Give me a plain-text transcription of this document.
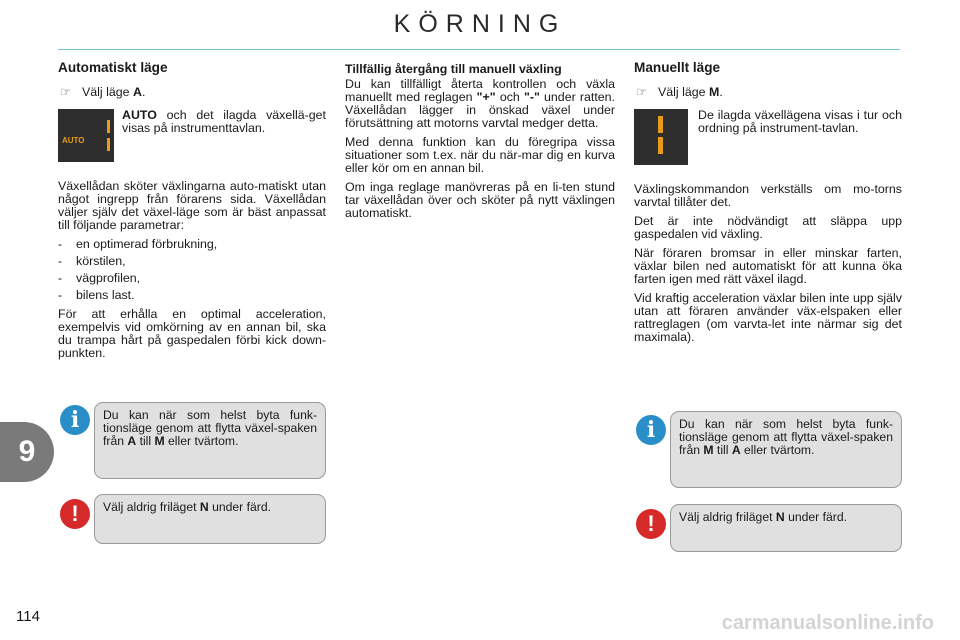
KÖRNING
Automatiskt läge
☞ Välj läge A.
AUTO

AUTO och det ilagda växellä-get visas på instrumenttavlan.

Växellådan sköter växlingarna auto-matiskt utan något ingrepp från förarens sida. Växellådan väljer själv det växel-läge som är bäst anpassat till följande parametrar:

-	en optimerad förbrukning,
-	körstilen,
-	vägprofilen,
-	bilens last.

För att erhålla en optimal acceleration, exempelvis vid omkörning av en annan bil, ska du trampa hårt på gaspedalen förbi kick down-punkten.

i	Du kan när som helst byta funk-tionsläge genom att flytta växel-spaken från A till M eller tvärtom.
!	Välj aldrig friläget N under färd.
Tillfällig återgång till manuell växling

Du kan tillfälligt återta kontrollen och växla manuellt med reglagen "+" och "-" under ratten. Växellådan lägger in önskad växel under förutsättning att motorns varvtal medger detta.

Med denna funktion kan du föregripa vissa situationer som t.ex. när du när-mar dig en kurva eller kör om en annan bil.

Om inga reglage manövreras på en li-ten stund tar växellådan över och sköter på nytt växlingen automatiskt.

Manuellt läge
☞ Välj läge M.

De ilagda växellägena visas i tur och ordning på instrument-tavlan.

Växlingskommandon verkställs om mo-torns varvtal tillåter det.

Det är inte nödvändigt att släppa upp gaspedalen vid växling.

När föraren bromsar in eller minskar farten, växlar bilen ned automatiskt för att kunna öka farten igen med rätt växel ilagd.

Vid kraftig acceleration växlar bilen inte upp själv utan att föraren använder väx-elspaken eller rattreglagen (om varvta-let inte närmar sig det maximala).

i	Du kan när som helst byta funk-tionsläge genom att flytta växel-spaken från M till A eller tvärtom.
!	Välj aldrig friläget N under färd.
9
114	carmanualsonline.info
